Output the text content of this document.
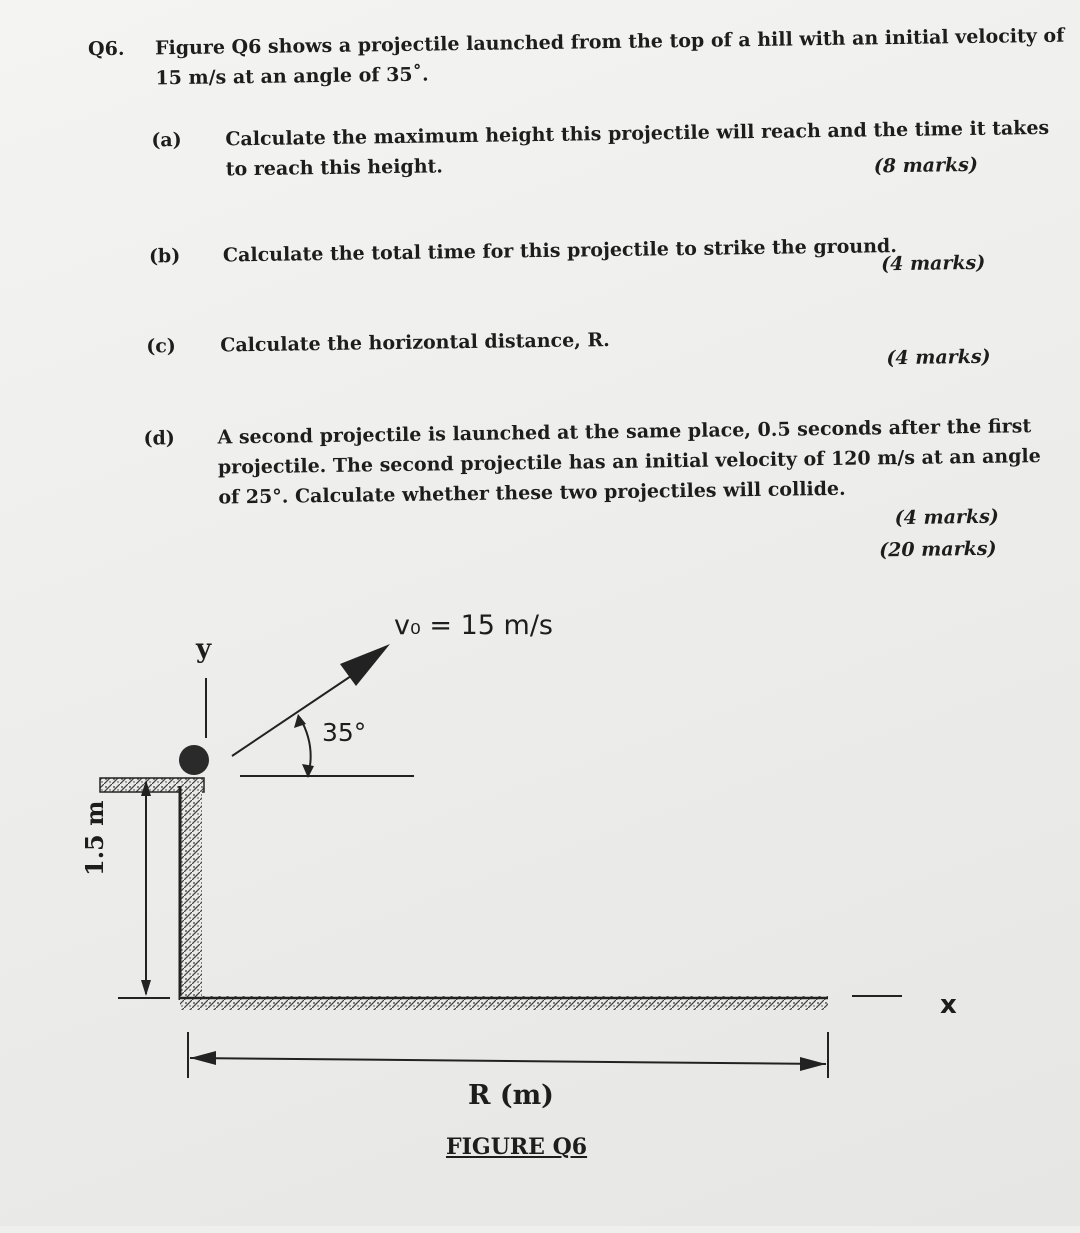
Q6. Figure Q6 shows a projectile launched from the top of a hill with an initial velocity of
15 m/s at an angle of 35˚.
(a) Calculate the maximum height this projectile will reach and the time it takes
to reach this height.	(8 marks)
(b) Calculate the total time for this projectile to strike the ground.
(4 marks)
(c) Calculate the horizontal distance, R.
(4 marks)
(d) A second projectile is launched at the same place, 0.5 seconds after the first
projectile. The second projectile has an initial velocity of 120 m/s at an angle
of 25°. Calculate whether these two projectiles will collide.
(4 marks)
(20 marks)
v₀ = 15 m/s
y
35°
x
1.5 m
R (m)
FIGURE Q6
